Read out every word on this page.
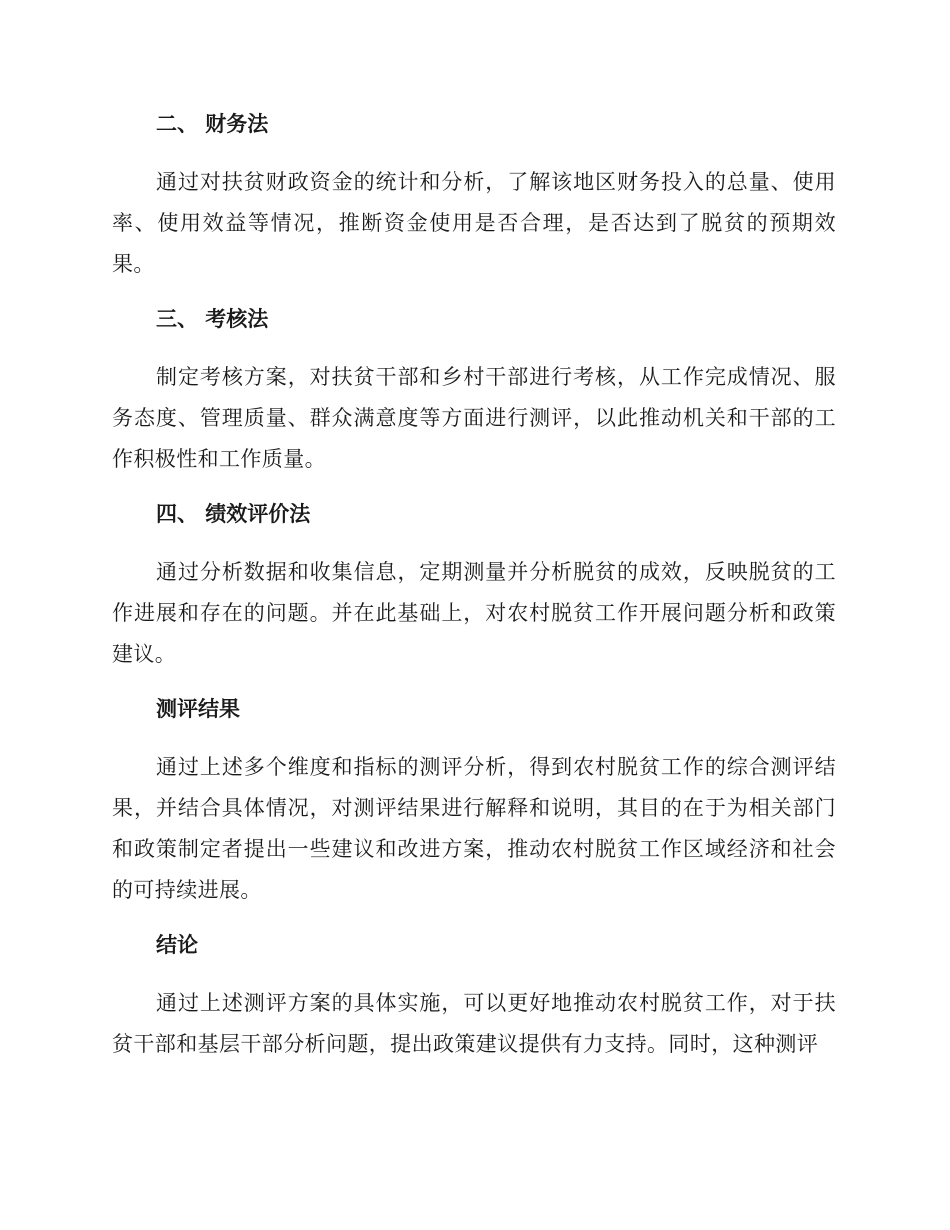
二、 财务法

通过对扶贫财政资金的统计和分析，了解该地区财务投入的总量、使用率、使用效益等情况，推断资金使用是否合理，是否达到了脱贫的预期效果。

三、 考核法

制定考核方案，对扶贫干部和乡村干部进行考核，从工作完成情况、服务态度、管理质量、群众满意度等方面进行测评，以此推动机关和干部的工作积极性和工作质量。

四、 绩效评价法

通过分析数据和收集信息，定期测量并分析脱贫的成效，反映脱贫的工作进展和存在的问题。并在此基础上，对农村脱贫工作开展问题分析和政策建议。

测评结果

通过上述多个维度和指标的测评分析，得到农村脱贫工作的综合测评结果，并结合具体情况，对测评结果进行解释和说明，其目的在于为相关部门和政策制定者提出一些建议和改进方案，推动农村脱贫工作区域经济和社会的可持续进展。

结论

通过上述测评方案的具体实施，可以更好地推动农村脱贫工作，对于扶贫干部和基层干部分析问题，提出政策建议提供有力支持。同时，这种测评
